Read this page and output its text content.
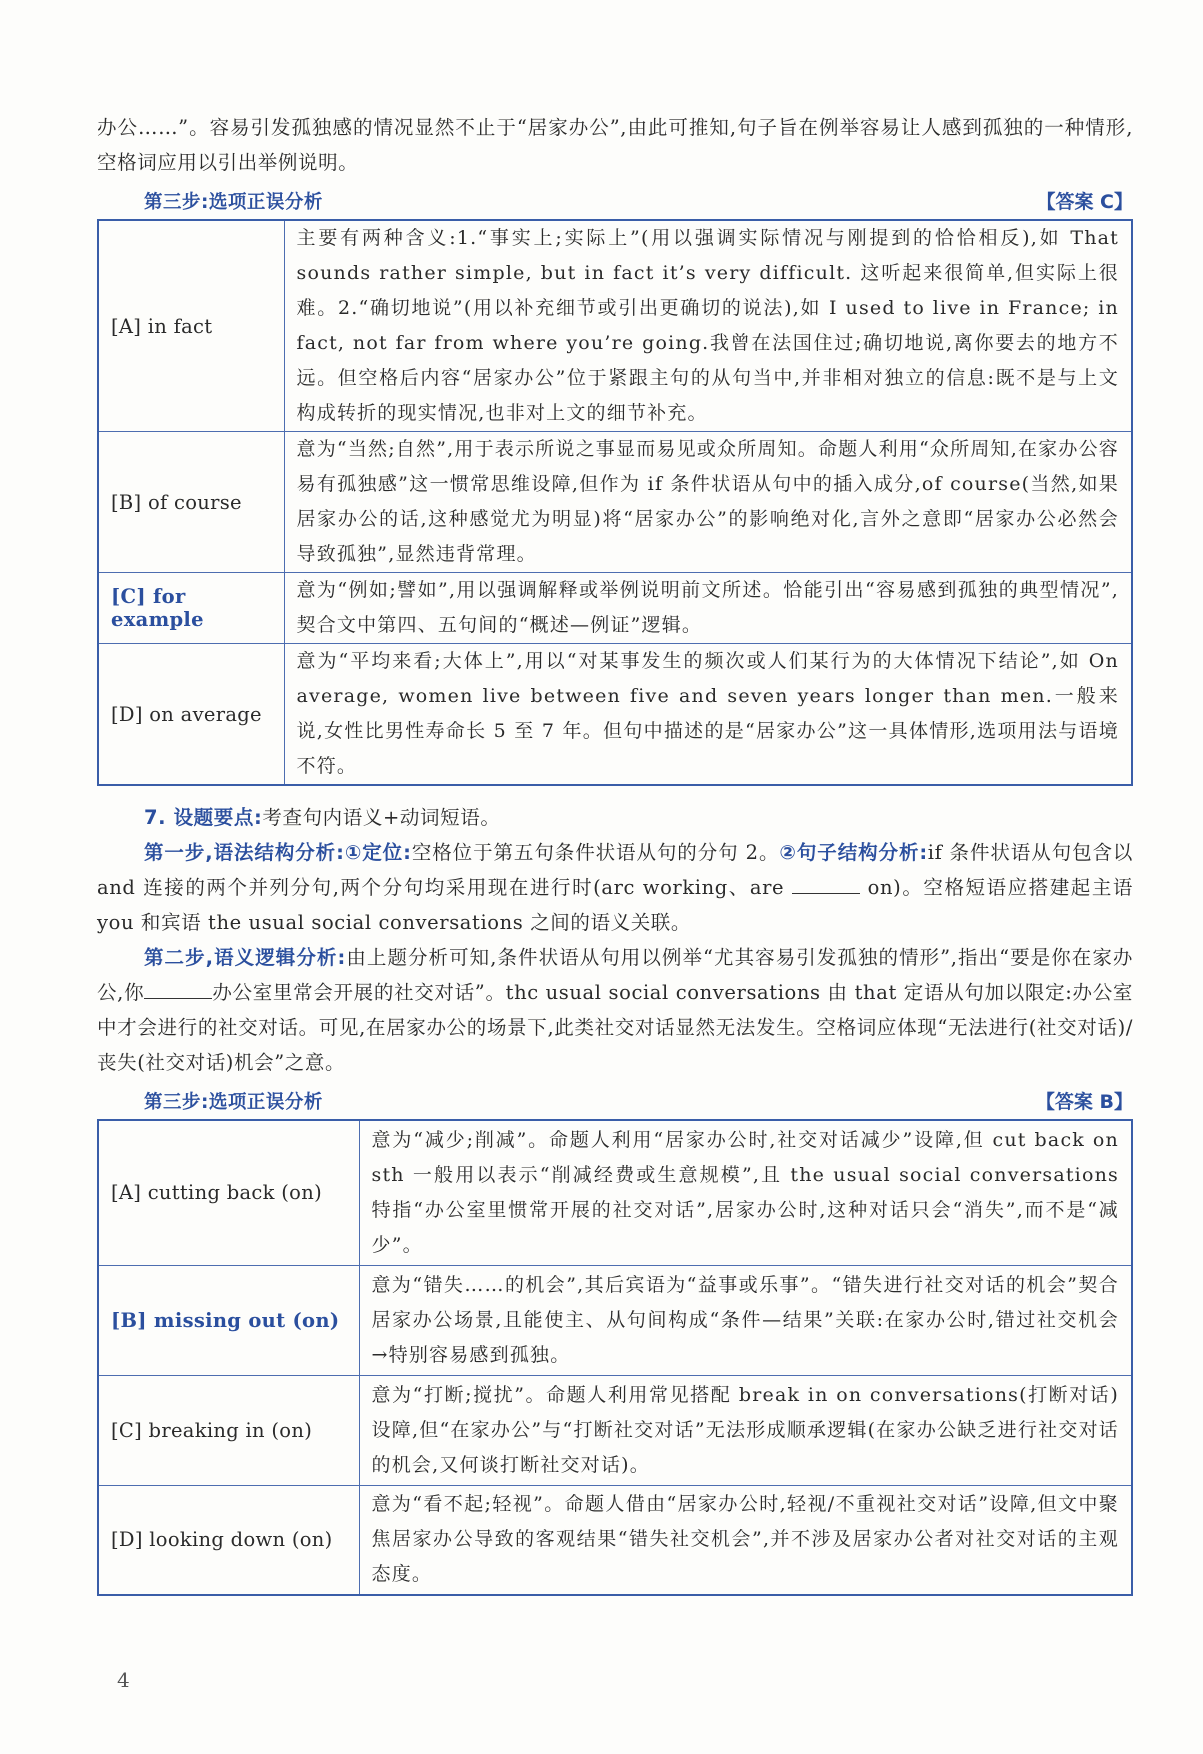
办公……”。容易引发孤独感的情况显然不止于“居家办公”,由此可推知,句子旨在例举容易让人感到孤独的一种情形,空格词应用以引出举例说明。

第三步:选项正误分析	【答案 C】
[A] in fact	主要有两种含义:1.“事实上;实际上”(用以强调实际情况与刚提到的恰恰相反),如 That sounds rather simple, but in fact it’s very difficult. 这听起来很简单,但实际上很难。2.“确切地说”(用以补充细节或引出更确切的说法),如 I used to live in France; in fact, not far from where you’re going.我曾在法国住过;确切地说,离你要去的地方不远。但空格后内容“居家办公”位于紧跟主句的从句当中,并非相对独立的信息:既不是与上文构成转折的现实情况,也非对上文的细节补充。
[B] of course	意为“当然;自然”,用于表示所说之事显而易见或众所周知。命题人利用“众所周知,在家办公容易有孤独感”这一惯常思维设障,但作为 if 条件状语从句中的插入成分,of course(当然,如果居家办公的话,这种感觉尤为明显)将“居家办公”的影响绝对化,言外之意即“居家办公必然会导致孤独”,显然违背常理。
[C] for example	意为“例如;譬如”,用以强调解释或举例说明前文所述。恰能引出“容易感到孤独的典型情况”,契合文中第四、五句间的“概述—例证”逻辑。
[D] on average	意为“平均来看;大体上”,用以“对某事发生的频次或人们某行为的大体情况下结论”,如 On average, women live between five and seven years longer than men.一般来说,女性比男性寿命长 5 至 7 年。但句中描述的是“居家办公”这一具体情形,选项用法与语境不符。

7. 设题要点:考查句内语义+动词短语。

第一步,语法结构分析:①定位:空格位于第五句条件状语从句的分句 2。②句子结构分析:if 条件状语从句包含以 and 连接的两个并列分句,两个分句均采用现在进行时(arc working、are	on)。空格短语应搭建起主语 you 和宾语 the usual social conversations 之间的语义关联。

第二步,语义逻辑分析:由上题分析可知,条件状语从句用以例举“尤其容易引发孤独的情形”,指出“要是你在家办公,你	办公室里常会开展的社交对话”。thc usual social conversations 由 that 定语从句加以限定:办公室中才会进行的社交对话。可见,在居家办公的场景下,此类社交对话显然无法发生。空格词应体现“无法进行(社交对话)/丧失(社交对话)机会”之意。

第三步:选项正误分析	【答案 B】
[A] cutting back (on)	意为“减少;削减”。命题人利用“居家办公时,社交对话减少”设障,但 cut back on sth 一般用以表示“削减经费或生意规模”,且 the usual social conversations 特指“办公室里惯常开展的社交对话”,居家办公时,这种对话只会“消失”,而不是“减少”。
[B] missing out (on)	意为“错失……的机会”,其后宾语为“益事或乐事”。“错失进行社交对话的机会”契合居家办公场景,且能使主、从句间构成“条件—结果”关联:在家办公时,错过社交机会→特别容易感到孤独。
[C] breaking in (on)	意为“打断;搅扰”。命题人利用常见搭配 break in on conversations(打断对话)设障,但“在家办公”与“打断社交对话”无法形成顺承逻辑(在家办公缺乏进行社交对话的机会,又何谈打断社交对话)。
[D] looking down (on)	意为“看不起;轻视”。命题人借由“居家办公时,轻视/不重视社交对话”设障,但文中聚焦居家办公导致的客观结果“错失社交机会”,并不涉及居家办公者对社交对话的主观态度。
4
